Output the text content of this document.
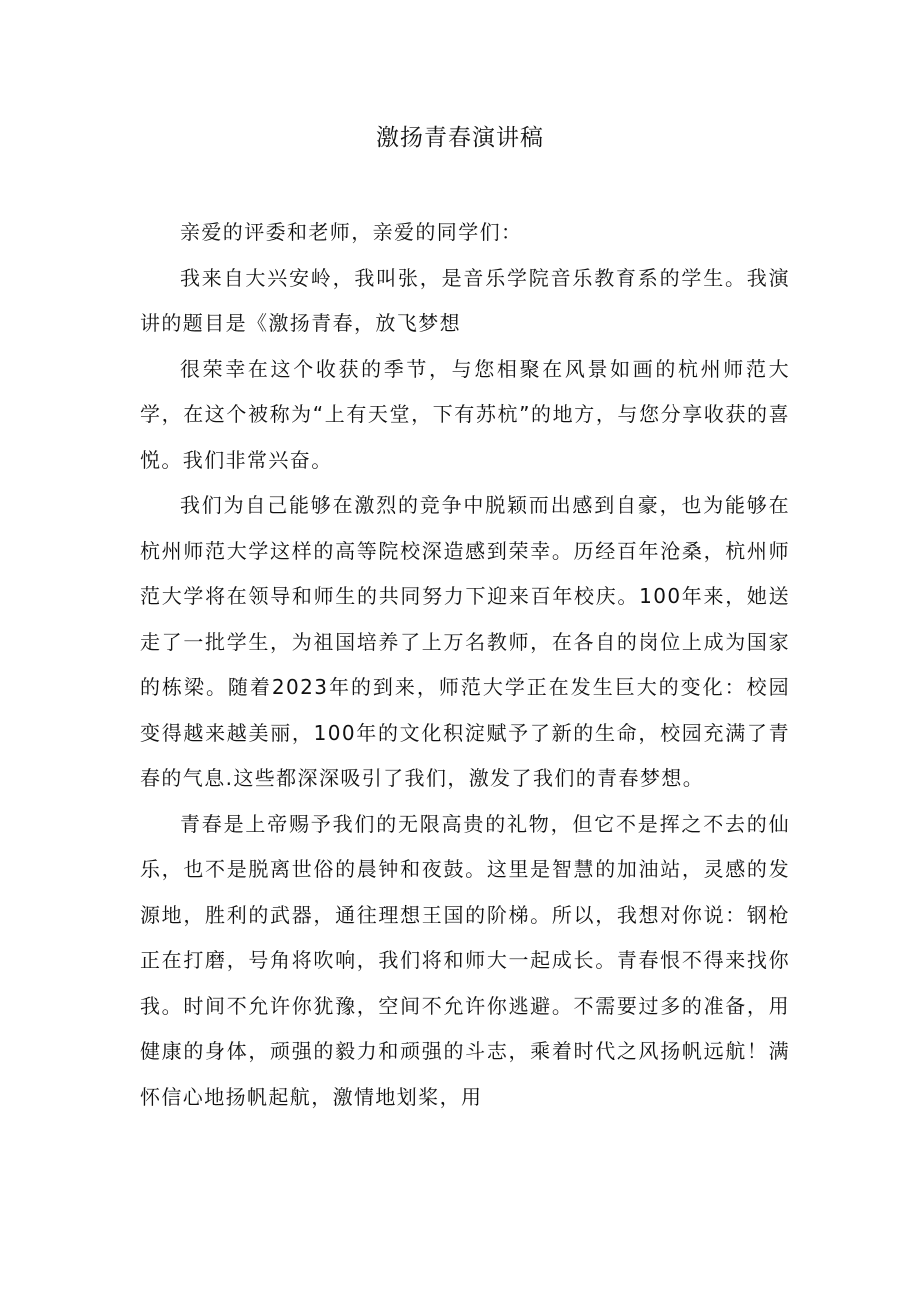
激扬青春演讲稿

亲爱的评委和老师，亲爱的同学们：

我来自大兴安岭，我叫张，是音乐学院音乐教育系的学生。我演讲的题目是《激扬青春，放飞梦想

很荣幸在这个收获的季节，与您相聚在风景如画的杭州师范大学，在这个被称为“上有天堂，下有苏杭”的地方，与您分享收获的喜悦。我们非常兴奋。

我们为自己能够在激烈的竞争中脱颖而出感到自豪，也为能够在杭州师范大学这样的高等院校深造感到荣幸。历经百年沧桑，杭州师范大学将在领导和师生的共同努力下迎来百年校庆。100年来，她送走了一批学生，为祖国培养了上万名教师，在各自的岗位上成为国家的栋梁。随着2023年的到来，师范大学正在发生巨大的变化：校园变得越来越美丽，100年的文化积淀赋予了新的生命，校园充满了青春的气息.这些都深深吸引了我们，激发了我们的青春梦想。

青春是上帝赐予我们的无限高贵的礼物，但它不是挥之不去的仙乐，也不是脱离世俗的晨钟和夜鼓。这里是智慧的加油站，灵感的发源地，胜利的武器，通往理想王国的阶梯。所以，我想对你说：钢枪正在打磨，号角将吹响，我们将和师大一起成长。青春恨不得来找你我。时间不允许你犹豫，空间不允许你逃避。不需要过多的准备，用健康的身体，顽强的毅力和顽强的斗志，乘着时代之风扬帆远航！满怀信心地扬帆起航，激情地划桨，用
